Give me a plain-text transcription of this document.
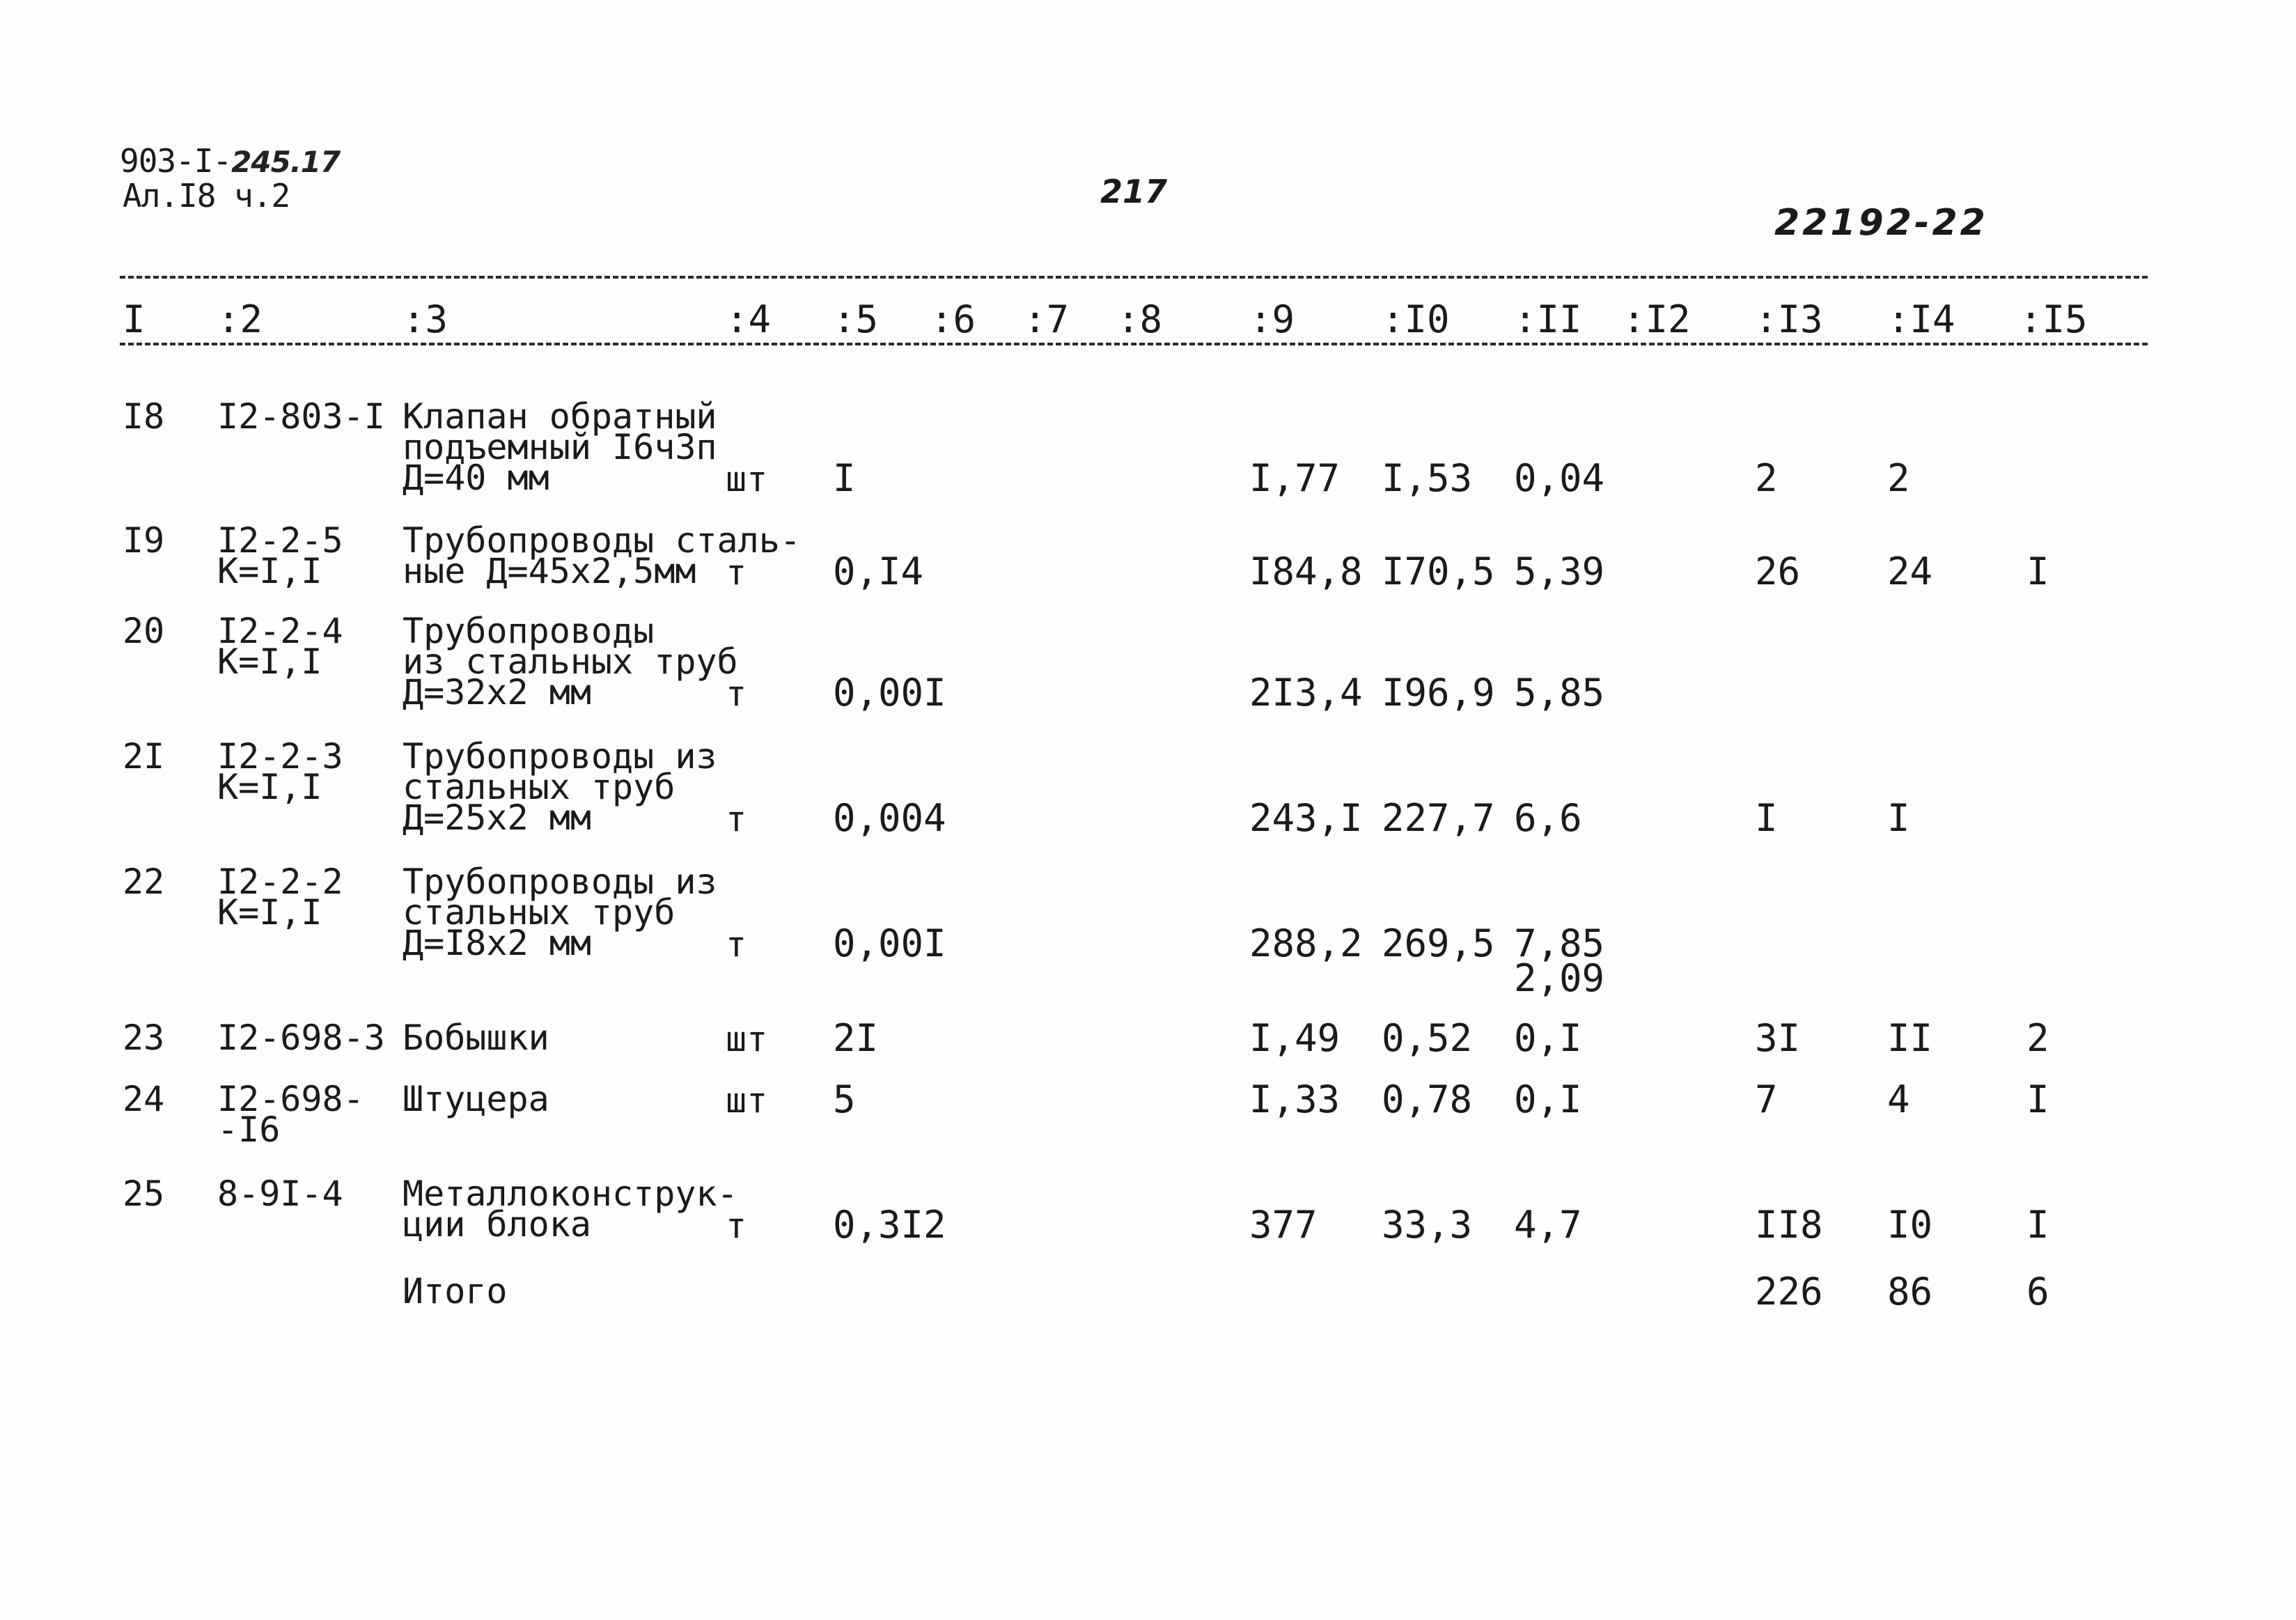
903-I-245.17
Ал.I8 ч.2	217
22192-22
I :2	:3	:4 :5 :6 :7 :8 :9 :I0 :II :I2 :I3 :I4 :I5
I8 I2-803-I Клапан обратный
подъемный I6ч3п
Д=40 мм	шт I	I,77 I,53 0,04	2	2
I9 I2-2-5
К=I,I
Трубопроводы сталь-
ные Д=45х2,5мм т 0,I4	I84,8 I70,5 5,39	26 24 I
20 I2-2-4
К=I,I
Трубопроводы
из стальных труб
Д=32х2 мм	т 0,00I	2I3,4 I96,9 5,85
2I I2-2-3
К=I,I
Трубопроводы из
стальных труб
Д=25х2 мм	т 0,004	243,I 227,7 6,6	I	I
22 I2-2-2
К=I,I
Трубопроводы из
стальных труб
Д=I8х2 мм	т 0,00I	288,2 269,5 7,85
2,09
23 I2-698-3 Бобышки	шт 2I	I,49 0,52 0,I	3I II 2
24 I2-698-
-I6
Штуцера	шт 5	I,33 0,78 0,I	7	4	I
25 8-9I-4 Металлоконструк-
ции блока	т 0,3I2	377 33,3 4,7	II8 I0 I
Итого	226 86 6
